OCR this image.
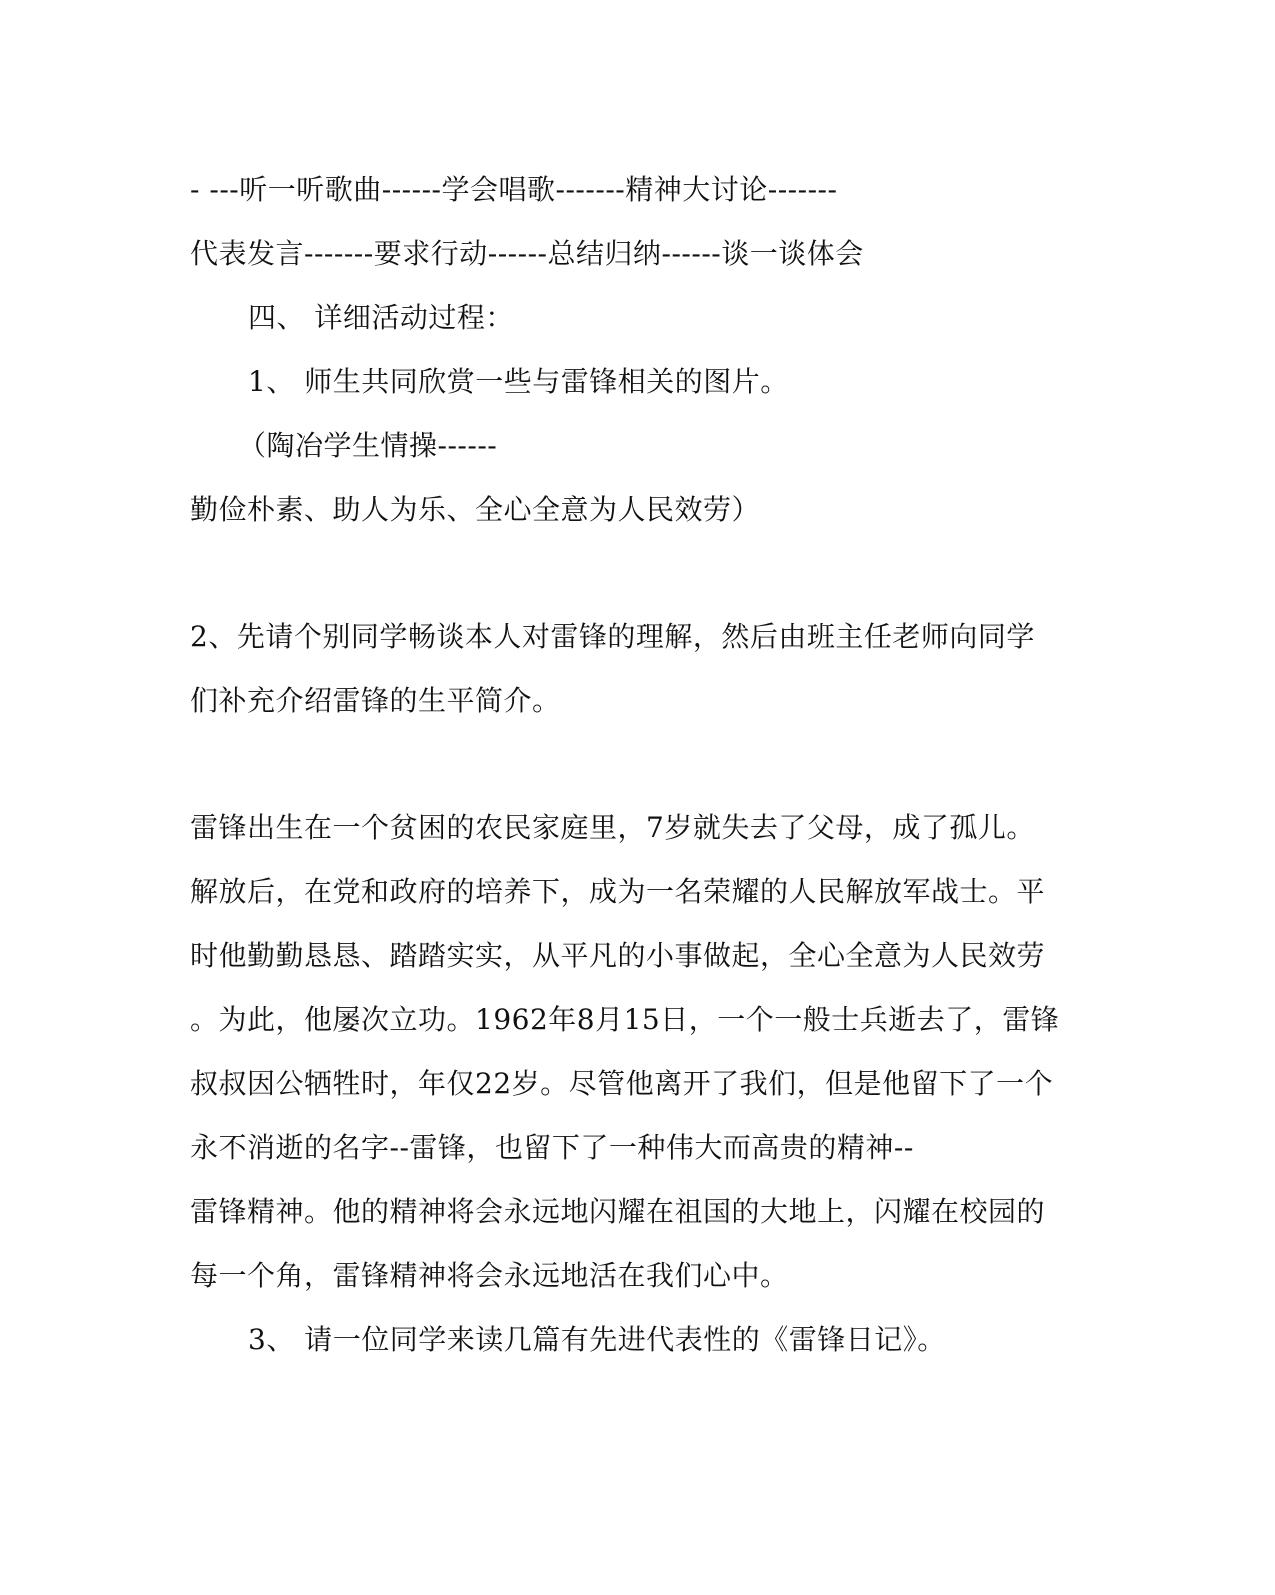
- ---听一听歌曲------学会唱歌-------精神大讨论-------
代表发言-------要求行动------总结归纳------谈一谈体会
四、 详细活动过程：
1、 师生共同欣赏一些与雷锋相关的图片。
（陶冶学生情操------
勤俭朴素、助人为乐、全心全意为人民效劳）
2、先请个别同学畅谈本人对雷锋的理解，然后由班主任老师向同学
们补充介绍雷锋的生平简介。
雷锋出生在一个贫困的农民家庭里，7岁就失去了父母，成了孤儿。
解放后，在党和政府的培养下，成为一名荣耀的人民解放军战士。平
时他勤勤恳恳、踏踏实实，从平凡的小事做起，全心全意为人民效劳
。为此，他屡次立功。1962年8月15日，一个一般士兵逝去了，雷锋
叔叔因公牺牲时，年仅22岁。尽管他离开了我们，但是他留下了一个
永不消逝的名字--雷锋，也留下了一种伟大而高贵的精神--
雷锋精神。他的精神将会永远地闪耀在祖国的大地上，闪耀在校园的
每一个角，雷锋精神将会永远地活在我们心中。
3、 请一位同学来读几篇有先进代表性的《雷锋日记》。
